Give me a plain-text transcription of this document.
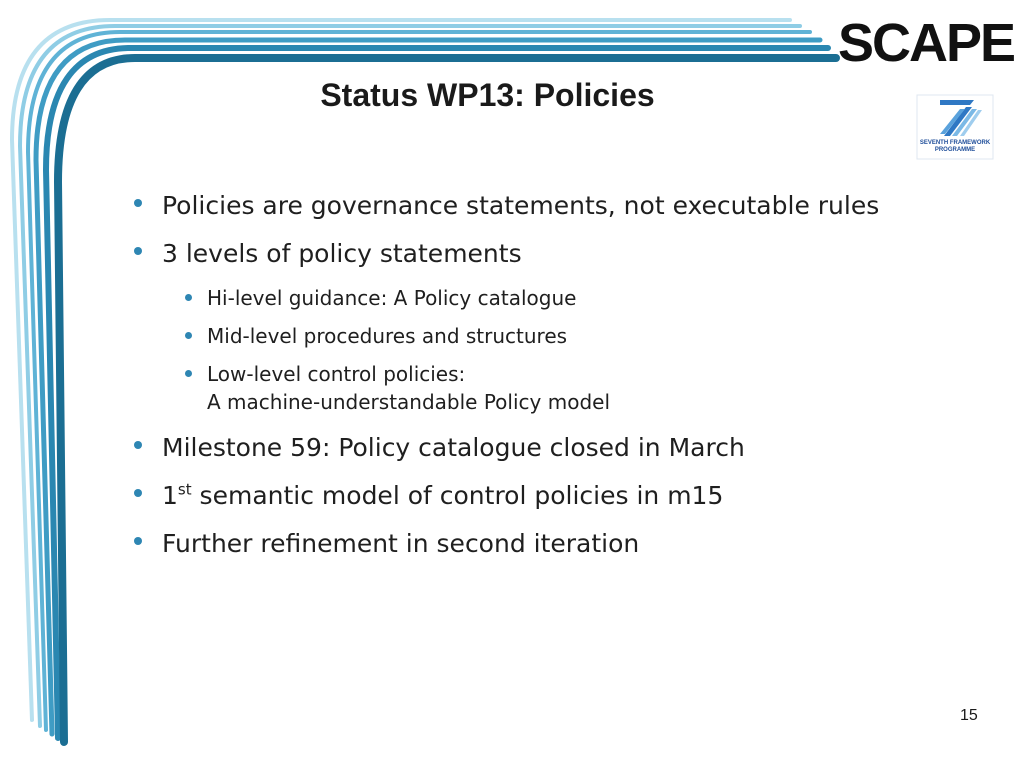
SCAPE
SEVENTH FRAMEWORK
PROGRAMME
Status WP13: Policies
Policies are governance statements, not executable rules
3 levels of policy statements
Hi-level guidance: A Policy catalogue
Mid-level procedures and structures
Low-level control policies:
A machine-understandable Policy model
Milestone 59: Policy catalogue closed in March
1st semantic model of control policies in m15
Further refinement in second iteration
15
